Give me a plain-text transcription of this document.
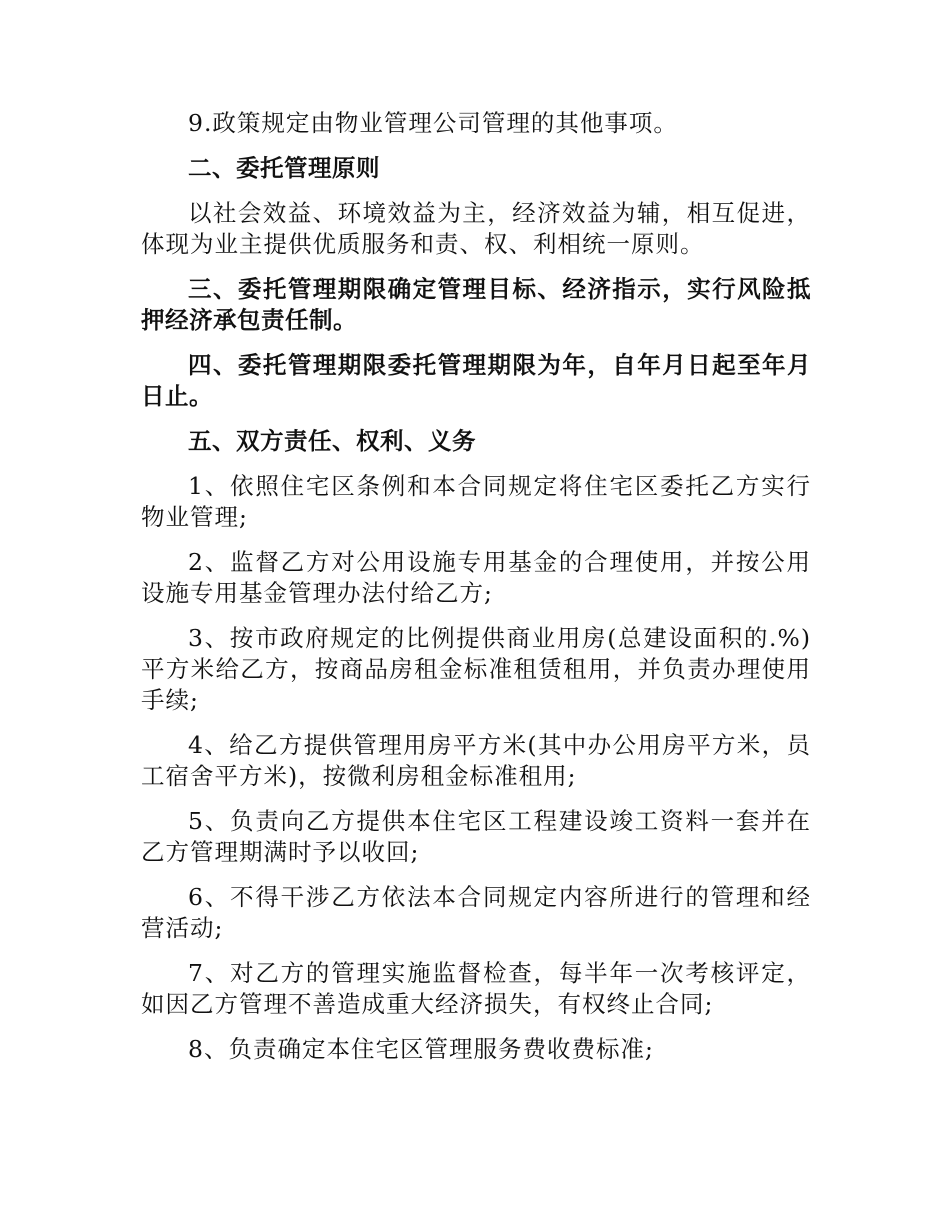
9.政策规定由物业管理公司管理的其他事项。

二、委托管理原则

以社会效益、环境效益为主，经济效益为辅，相互促进，体现为业主提供优质服务和责、权、利相统一原则。

三、委托管理期限确定管理目标、经济指示，实行风险抵押经济承包责任制。

四、委托管理期限委托管理期限为年，自年月日起至年月日止。

五、双方责任、权利、义务

1、依照住宅区条例和本合同规定将住宅区委托乙方实行物业管理;

2、监督乙方对公用设施专用基金的合理使用，并按公用设施专用基金管理办法付给乙方;

3、按市政府规定的比例提供商业用房(总建设面积的.%)平方米给乙方，按商品房租金标准租赁租用，并负责办理使用手续;

4、给乙方提供管理用房平方米(其中办公用房平方米，员工宿舍平方米)，按微利房租金标准租用;

5、负责向乙方提供本住宅区工程建设竣工资料一套并在乙方管理期满时予以收回;

6、不得干涉乙方依法本合同规定内容所进行的管理和经营活动;

7、对乙方的管理实施监督检查，每半年一次考核评定，如因乙方管理不善造成重大经济损失，有权终止合同;

8、负责确定本住宅区管理服务费收费标准;
